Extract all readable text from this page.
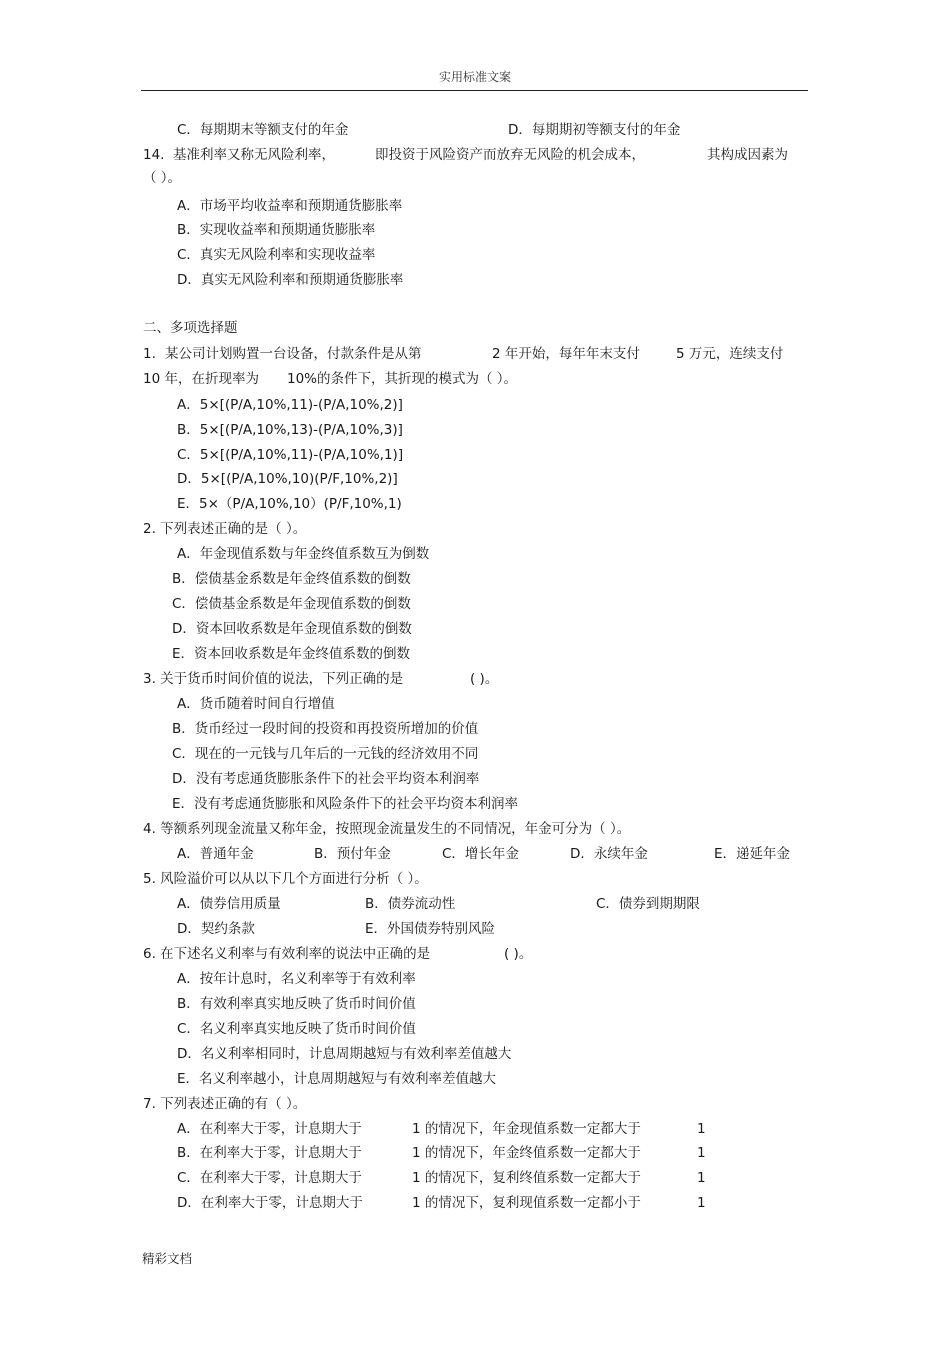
实用标准文案
C．每期期末等额支付的年金	D．每期期初等额支付的年金
14. 基准利率又称无风险利率，	即投资于风险资产而放弃无风险的机会成本，	其构成因素为
（ ）。
A．市场平均收益率和预期通货膨胀率
B．实现收益率和预期通货膨胀率
C．真实无风险利率和实现收益率
D．真实无风险利率和预期通货膨胀率
二、多项选择题
1. 某公司计划购置一台设备，付款条件是从第	2 年开始，每年年末支付	5 万元，连续支付
10 年，在折现率为 10%的条件下，其折现的模式为（ ）。
A．5×[(P/A,10%,11)-(P/A,10%,2)]
B．5×[(P/A,10%,13)-(P/A,10%,3)]
C．5×[(P/A,10%,11)-(P/A,10%,1)]
D．5×[(P/A,10%,10)(P/F,10%,2)]
E．5×（P/A,10%,10）(P/F,10%,1)
2. 下列表述正确的是（ ）。
A．年金现值系数与年金终值系数互为倒数
B．偿债基金系数是年金终值系数的倒数
C．偿债基金系数是年金现值系数的倒数
D．资本回收系数是年金现值系数的倒数
E．资本回收系数是年金终值系数的倒数
3. 关于货币时间价值的说法，下列正确的是	( )。
A．货币随着时间自行增值
B．货币经过一段时间的投资和再投资所增加的价值
C．现在的一元钱与几年后的一元钱的经济效用不同
D．没有考虑通货膨胀条件下的社会平均资本利润率
E．没有考虑通货膨胀和风险条件下的社会平均资本利润率
4. 等额系列现金流量又称年金，按照现金流量发生的不同情况，年金可分为（ ）。
A．普通年金	B．预付年金	C．增长年金	D．永续年金	E．递延年金
5. 风险溢价可以从以下几个方面进行分析（ ）。
A．债券信用质量	B．债券流动性	C．债券到期期限
D．契约条款	E．外国债券特别风险
6. 在下述名义利率与有效利率的说法中正确的是	( )。
A．按年计息时，名义利率等于有效利率
B．有效利率真实地反映了货币时间价值
C．名义利率真实地反映了货币时间价值
D．名义利率相同时，计息周期越短与有效利率差值越大
E．名义利率越小，计息周期越短与有效利率差值越大
7. 下列表述正确的有（ ）。
A．在利率大于零，计息期大于	1 的情况下，年金现值系数一定都大于	1
B．在利率大于零，计息期大于	1 的情况下，年金终值系数一定都大于	1
C．在利率大于零，计息期大于	1 的情况下，复利终值系数一定都大于	1
D．在利率大于零，计息期大于	1 的情况下，复利现值系数一定都小于	1
精彩文档
